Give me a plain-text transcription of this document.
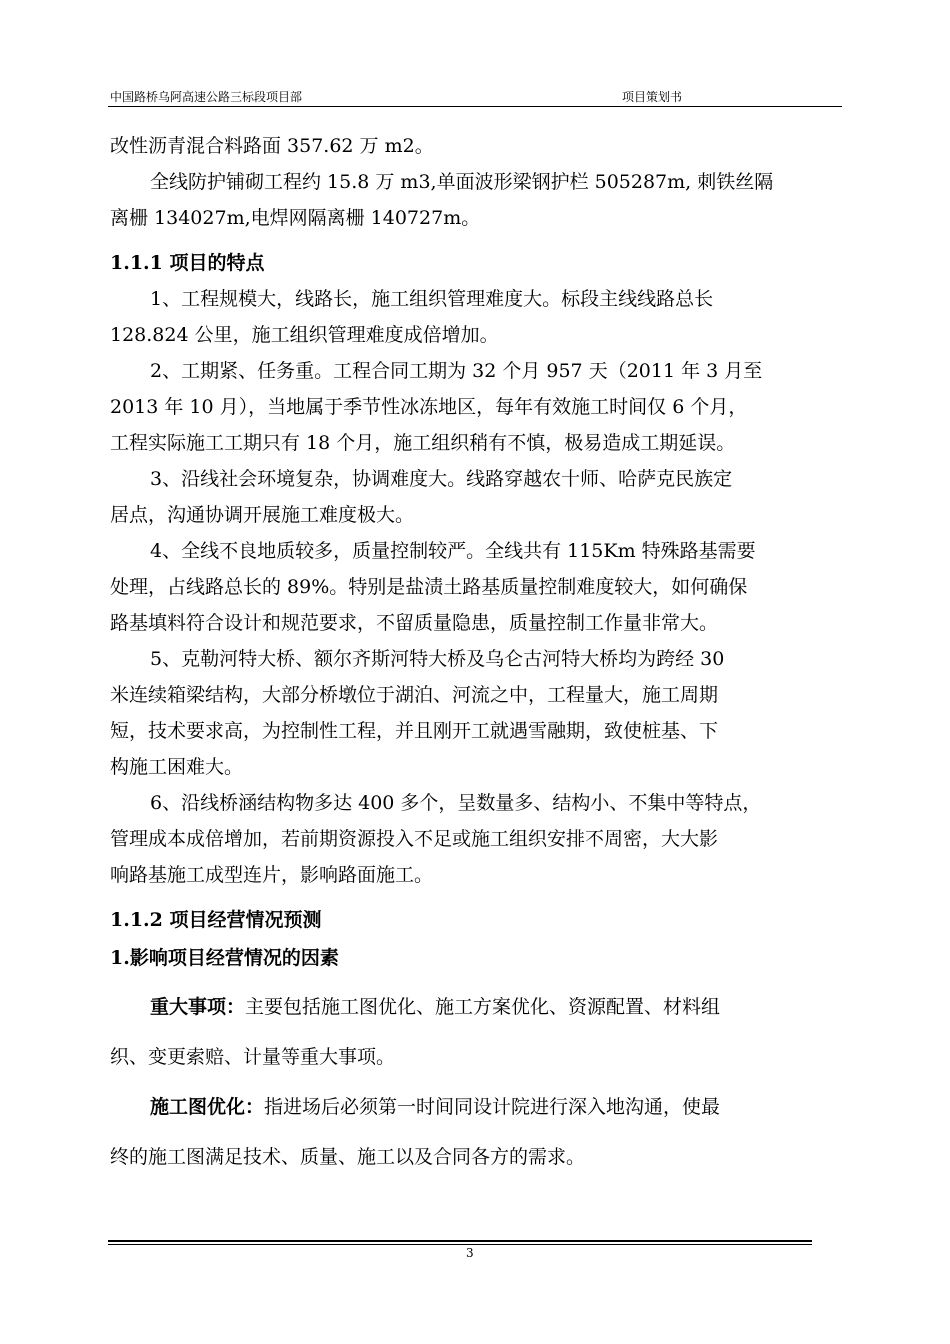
中国路桥乌阿高速公路三标段项目部	项目策划书

改性沥青混合料路面 357.62 万 m2。

全线防护铺砌工程约 15.8 万 m3,单面波形梁钢护栏 505287m, 刺铁丝隔

离栅 134027m,电焊网隔离栅 140727m。

1.1.1 项目的特点

1、工程规模大，线路长，施工组织管理难度大。标段主线线路总长

128.824 公里，施工组织管理难度成倍增加。

2、工期紧、任务重。工程合同工期为 32 个月 957 天（2011 年 3 月至

2013 年 10 月），当地属于季节性冰冻地区，每年有效施工时间仅 6 个月，

工程实际施工工期只有 18 个月，施工组织稍有不慎，极易造成工期延误。

3、沿线社会环境复杂，协调难度大。线路穿越农十师、哈萨克民族定

居点，沟通协调开展施工难度极大。

4、全线不良地质较多，质量控制较严。全线共有 115Km 特殊路基需要

处理，占线路总长的 89%。特别是盐渍土路基质量控制难度较大，如何确保

路基填料符合设计和规范要求，不留质量隐患，质量控制工作量非常大。

5、克勒河特大桥、额尔齐斯河特大桥及乌仑古河特大桥均为跨经 30

米连续箱梁结构，大部分桥墩位于湖泊、河流之中，工程量大，施工周期

短，技术要求高，为控制性工程，并且刚开工就遇雪融期，致使桩基、下

构施工困难大。

6、沿线桥涵结构物多达 400 多个，呈数量多、结构小、不集中等特点，

管理成本成倍增加，若前期资源投入不足或施工组织安排不周密，大大影

响路基施工成型连片，影响路面施工。

1.1.2 项目经营情况预测
1.影响项目经营情况的因素

重大事项：主要包括施工图优化、施工方案优化、资源配置、材料组

织、变更索赔、计量等重大事项。

施工图优化：指进场后必须第一时间同设计院进行深入地沟通，使最

终的施工图满足技术、质量、施工以及合同各方的需求。

3
